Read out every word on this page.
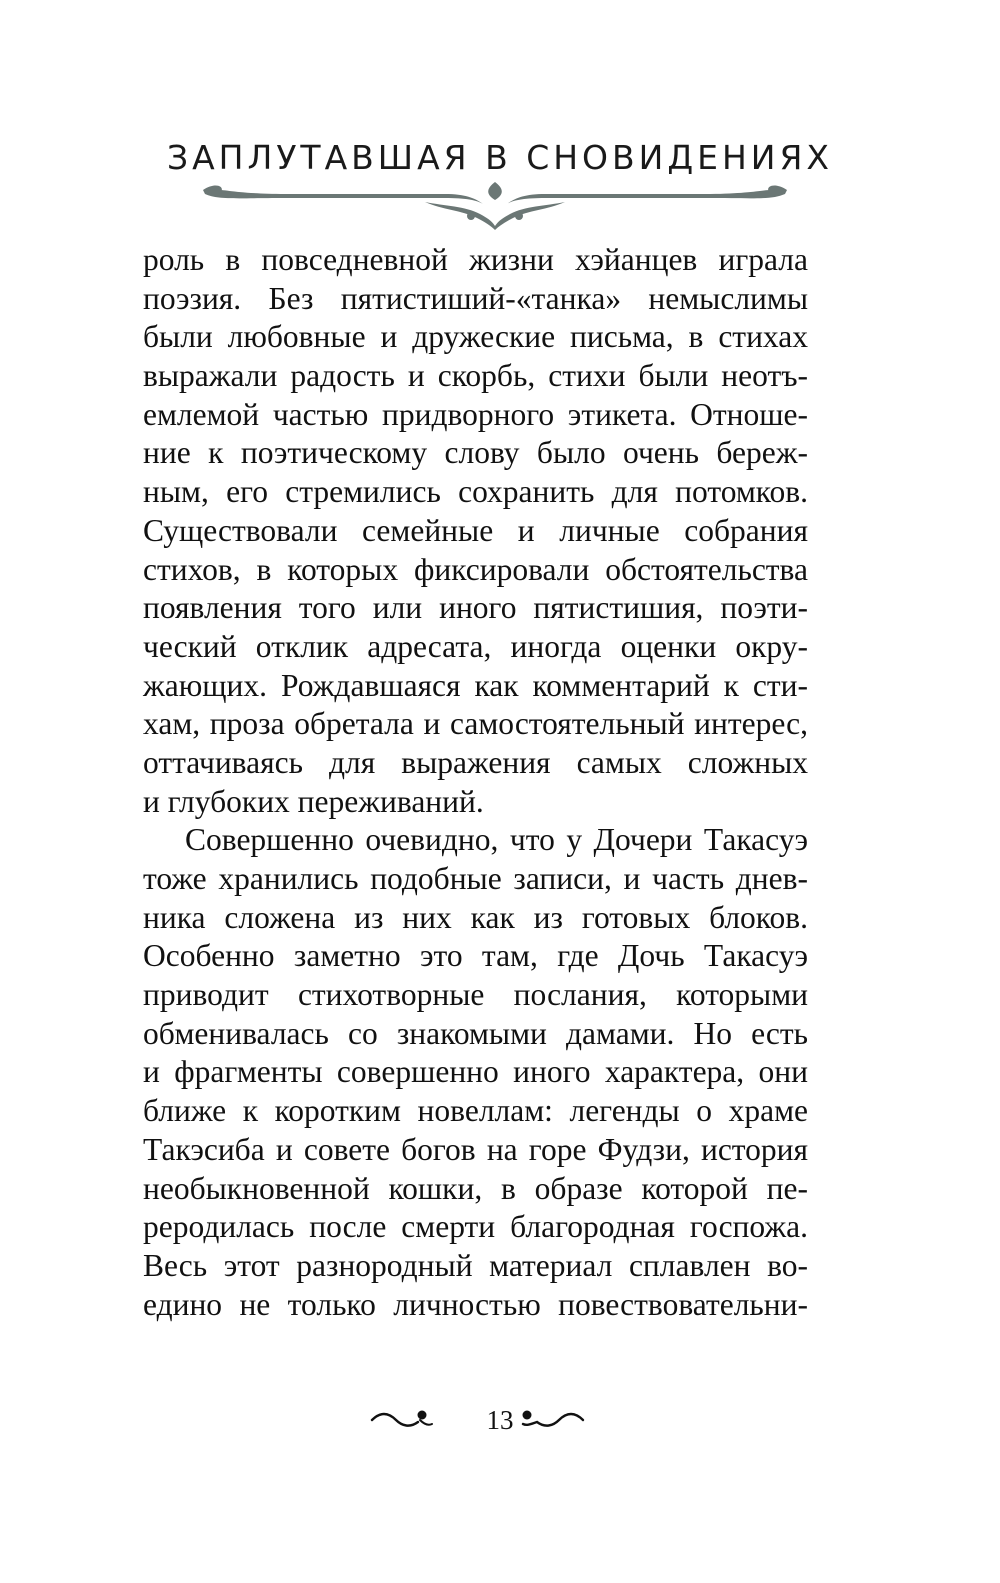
ЗАПЛУТАВШАЯ В СНОВИДЕНИЯХ
роль в повседневной жизни хэйанцев играла
поэзия. Без пятистиший-«танка» немыслимы
были любовные и дружеские письма, в стихах
выражали радость и скорбь, стихи были неотъ-
емлемой частью придворного этикета. Отноше-
ние к поэтическому слову было очень береж-
ным, его стремились сохранить для потомков.
Существовали семейные и личные собрания
стихов, в которых фиксировали обстоятельства
появления того или иного пятистишия, поэти-
ческий отклик адресата, иногда оценки окру-
жающих. Рождавшаяся как комментарий к сти-
хам, проза обретала и самостоятельный интерес,
оттачиваясь для выражения самых сложных
и глубоких переживаний.
Совершенно очевидно, что у Дочери Такасуэ
тоже хранились подобные записи, и часть днев-
ника сложена из них как из готовых блоков.
Особенно заметно это там, где Дочь Такасуэ
приводит стихотворные послания, которыми
обменивалась со знакомыми дамами. Но есть
и фрагменты совершенно иного характера, они
ближе к коротким новеллам: легенды о храме
Такэсиба и совете богов на горе Фудзи, история
необыкновенной кошки, в образе которой пе-
реродилась после смерти благородная госпожа.
Весь этот разнородный материал сплавлен во-
едино не только личностью повествовательни-
13
